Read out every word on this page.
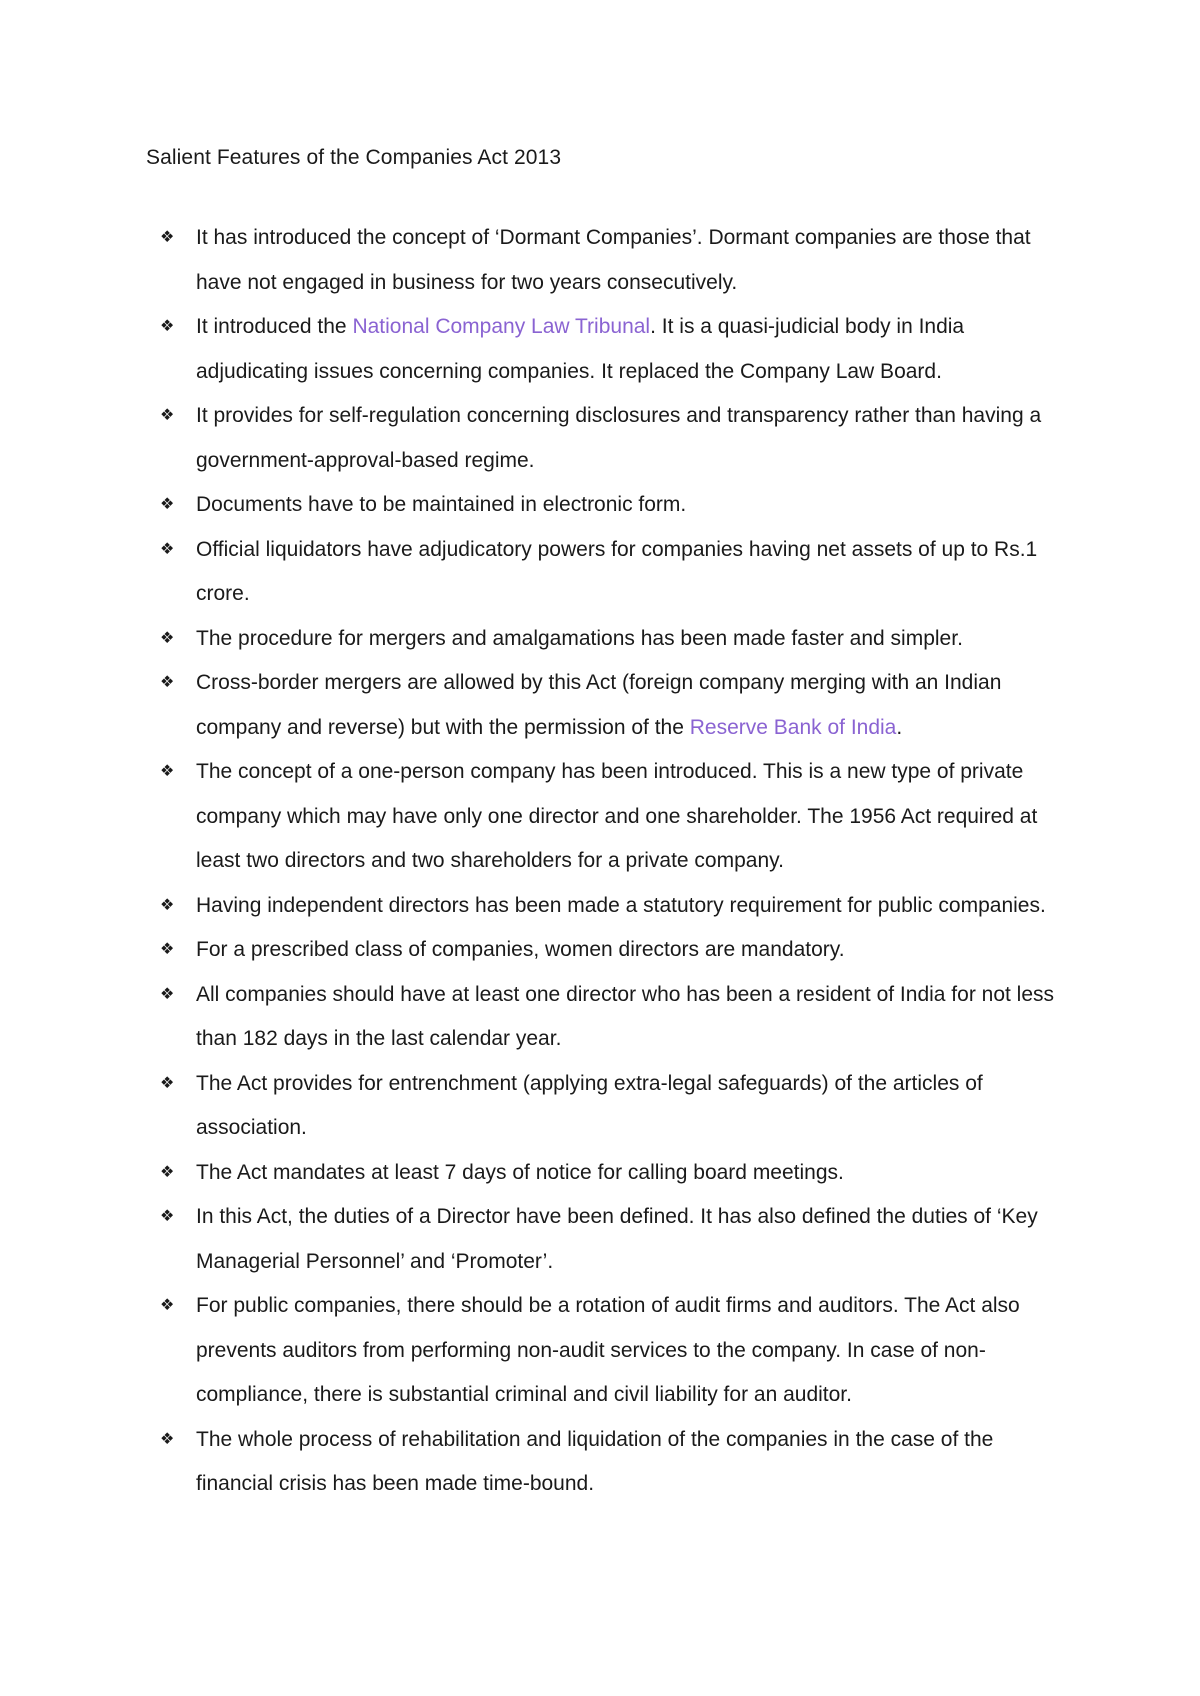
Salient Features of the Companies Act 2013
❖	It has introduced the concept of ‘Dormant Companies’. Dormant companies are those that have not engaged in business for two years consecutively.
❖	It introduced the National Company Law Tribunal. It is a quasi-judicial body in India adjudicating issues concerning companies. It replaced the Company Law Board.
❖	It provides for self-regulation concerning disclosures and transparency rather than having a government-approval-based regime.
❖	Documents have to be maintained in electronic form.
❖	Official liquidators have adjudicatory powers for companies having net assets of up to Rs.1 crore.
❖	The procedure for mergers and amalgamations has been made faster and simpler.
❖	Cross-border mergers are allowed by this Act (foreign company merging with an Indian company and reverse) but with the permission of the Reserve Bank of India.
❖	The concept of a one-person company has been introduced. This is a new type of private company which may have only one director and one shareholder. The 1956 Act required at least two directors and two shareholders for a private company.
❖	Having independent directors has been made a statutory requirement for public companies.
❖	For a prescribed class of companies, women directors are mandatory.
❖	All companies should have at least one director who has been a resident of India for not less than 182 days in the last calendar year.
❖	The Act provides for entrenchment (applying extra-legal safeguards) of the articles of association.
❖	The Act mandates at least 7 days of notice for calling board meetings.
❖	In this Act, the duties of a Director have been defined. It has also defined the duties of ‘Key Managerial Personnel’ and ‘Promoter’.
❖	For public companies, there should be a rotation of audit firms and auditors. The Act also prevents auditors from performing non-audit services to the company. In case of non-compliance, there is substantial criminal and civil liability for an auditor.
❖	The whole process of rehabilitation and liquidation of the companies in the case of the financial crisis has been made time-bound.
